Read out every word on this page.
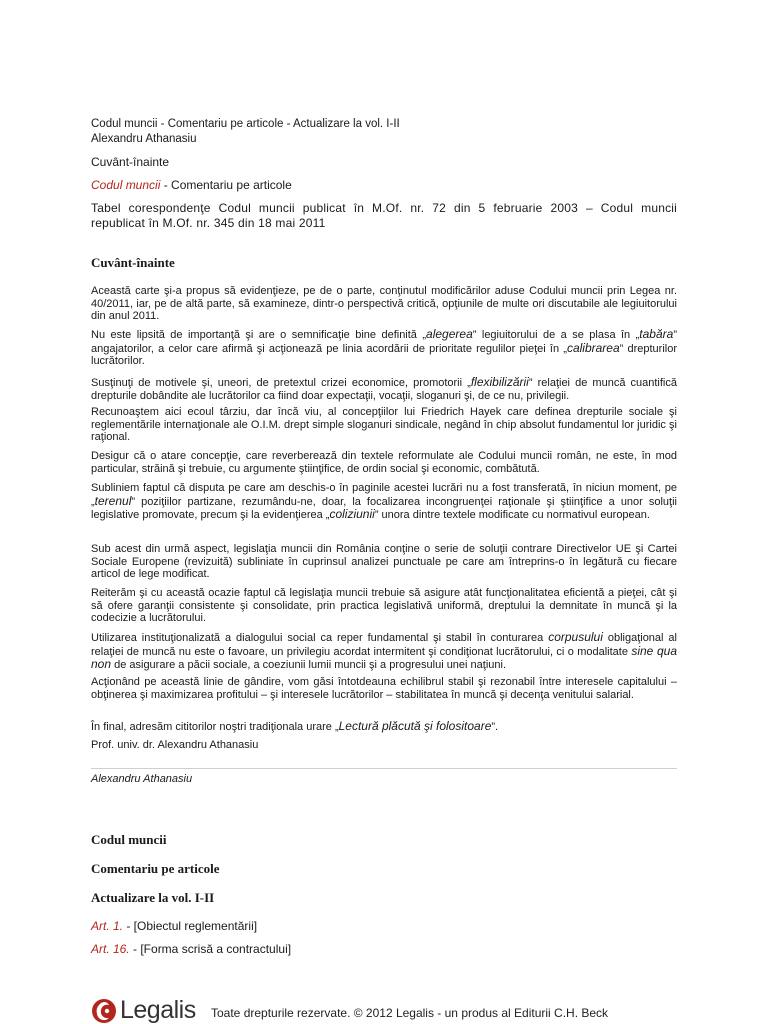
Codul muncii - Comentariu pe articole - Actualizare la vol. I-II

Alexandru Athanasiu

Cuvânt-înainte

Codul muncii - Comentariu pe articole

Tabel corespondenţe Codul muncii publicat în M.Of. nr. 72 din 5 februarie 2003 – Codul muncii

republicat în M.Of. nr. 345 din 18 mai 2011

Cuvânt-înainte

Această carte şi-a propus să evidenţieze, pe de o parte, conţinutul modificărilor aduse Codului muncii prin Legea nr. 40/2011, iar, pe de altă parte, să examineze, dintr-o perspectivă critică, opţiunile de multe ori discutabile ale legiuitorului din anul 2011.

Nu este lipsită de importanţă şi are o semnificaţie bine definită „alegerea” legiuitorului de a se plasa în „tabăra” angajatorilor, a celor care afirmă şi acţionează pe linia acordării de prioritate regulilor pieţei în „calibrarea” drepturilor lucrătorilor.

Susţinuţi de motivele şi, uneori, de pretextul crizei economice, promotorii „flexibilizării” relaţiei de muncă cuantifică drepturile dobândite ale lucrătorilor ca fiind doar expectaţii, vocaţii, sloganuri şi, de ce nu, privilegii.

Recunoaştem aici ecoul târziu, dar încă viu, al concepţiilor lui Friedrich Hayek care definea drepturile sociale şi reglementările internaţionale ale O.I.M. drept simple sloganuri sindicale, negând în chip absolut fundamentul lor juridic şi raţional.

Desigur că o atare concepţie, care reverberează din textele reformulate ale Codului muncii român, ne este, în mod particular, străină şi trebuie, cu argumente ştiinţifice, de ordin social şi economic, combătută.

Subliniem faptul că disputa pe care am deschis-o în paginile acestei lucrări nu a fost transferată, în niciun moment, pe „terenul” poziţiilor partizane, rezumându-ne, doar, la focalizarea incongruenţei raţionale şi ştiinţifice a unor soluţii legislative promovate, precum şi la evidenţierea „coliziunii” unora dintre textele modificate cu normativul european.

Sub acest din urmă aspect, legislaţia muncii din România conţine o serie de soluţii contrare Directivelor UE şi Cartei Sociale Europene (revizuită) subliniate în cuprinsul analizei punctuale pe care am întreprins-o în legătură cu fiecare articol de lege modificat.

Reiterăm şi cu această ocazie faptul că legislaţia muncii trebuie să asigure atât funcţionalitatea eficientă a pieţei, cât şi să ofere garanţii consistente şi consolidate, prin practica legislativă uniformă, dreptului la demnitate în muncă şi la codecizie a lucrătorului.

Utilizarea instituţionalizată a dialogului social ca reper fundamental şi stabil în conturarea corpusului obligaţional al relaţiei de muncă nu este o favoare, un privilegiu acordat intermitent şi condiţionat lucrătorului, ci o modalitate sine qua non de asigurare a păcii sociale, a coeziunii lumii muncii şi a progresului unei naţiuni.

Acţionând pe această linie de gândire, vom găsi întotdeauna echilibrul stabil şi rezonabil între interesele capitalului – obţinerea şi maximizarea profitului – şi interesele lucrătorilor – stabilitatea în muncă şi decenţa venitului salarial.

În final, adresăm cititorilor noştri tradiţionala urare „Lectură plăcută şi folositoare”.

Prof. univ. dr. Alexandru Athanasiu

Alexandru Athanasiu

Codul muncii
Comentariu pe articole
Actualizare la vol. I-II

Art. 1. - [Obiectul reglementării]

Art. 16. - [Forma scrisă a contractului]

Legalis Toate drepturile rezervate. © 2012 Legalis - un produs al Editurii C.H. Beck
